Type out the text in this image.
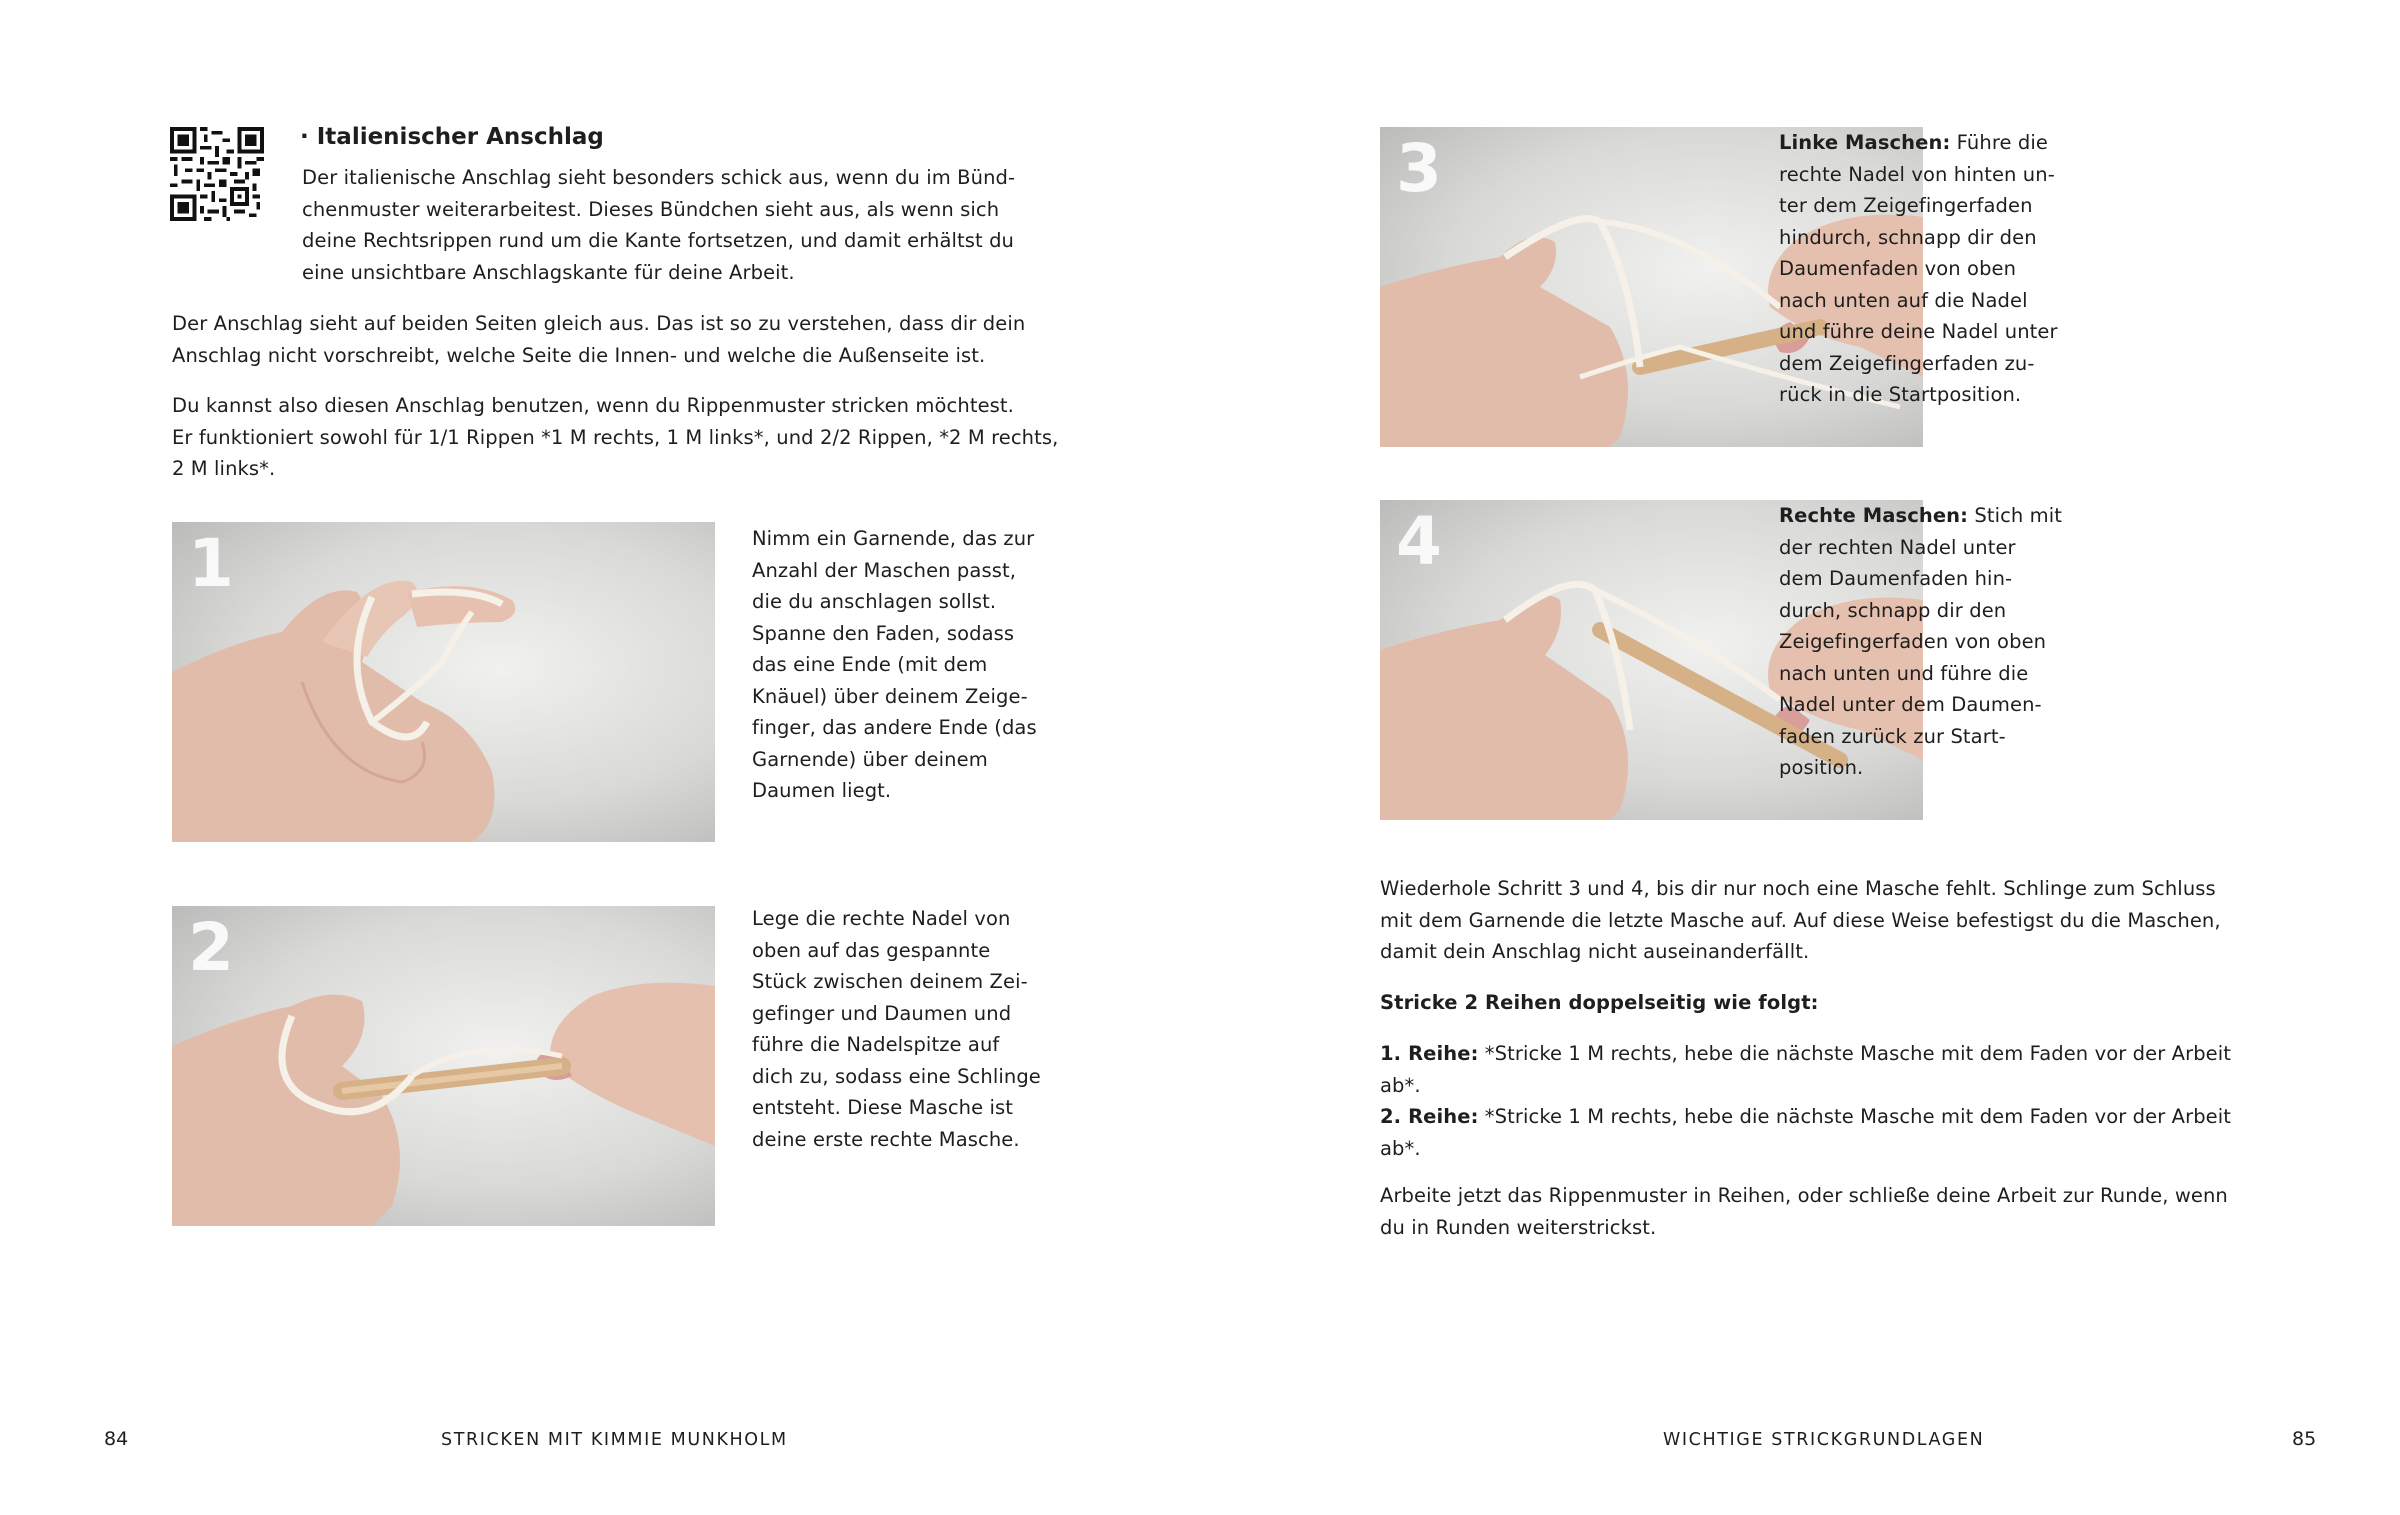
· Italienischer Anschlag
Der italienische Anschlag sieht besonders schick aus, wenn du im Bünd-
chenmuster weiterarbeitest. Dieses Bündchen sieht aus, als wenn sich
deine Rechtsrippen rund um die Kante fortsetzen, und damit erhältst du
eine unsichtbare Anschlagskante für deine Arbeit.
Der Anschlag sieht auf beiden Seiten gleich aus. Das ist so zu verstehen, dass dir dein
Anschlag nicht vorschreibt, welche Seite die Innen- und welche die Außenseite ist.
Du kannst also diesen Anschlag benutzen, wenn du Rippenmuster stricken möchtest.
Er funktioniert sowohl für 1/1 Rippen *1 M rechts, 1 M links*, und 2/2 Rippen, *2 M rechts,
2 M links*.
1	Nimm ein Garnende, das zur
Anzahl der Maschen passt,
die du anschlagen sollst.
Spanne den Faden, sodass
das eine Ende (mit dem
Knäuel) über deinem Zeige-
finger, das andere Ende (das
Garnende) über deinem
Daumen liegt.
2	Lege die rechte Nadel von
oben auf das gespannte
Stück zwischen deinem Zei-
gefinger und Daumen und
führe die Nadelspitze auf
dich zu, sodass eine Schlinge
entsteht. Diese Masche ist
deine erste rechte Masche.
84	STRICKEN MIT KIMMIE MUNKHOLM
3	Linke Maschen: Führe die
rechte Nadel von hinten un-
ter dem Zeigefingerfaden
hindurch, schnapp dir den
Daumenfaden von oben
nach unten auf die Nadel
und führe deine Nadel unter
dem Zeigefingerfaden zu-
rück in die Startposition.
4	Rechte Maschen: Stich mit
der rechten Nadel unter
dem Daumenfaden hin-
durch, schnapp dir den
Zeigefingerfaden von oben
nach unten und führe die
Nadel unter dem Daumen-
faden zurück zur Start-
position.
Wiederhole Schritt 3 und 4, bis dir nur noch eine Masche fehlt. Schlinge zum Schluss
mit dem Garnende die letzte Masche auf. Auf diese Weise befestigst du die Maschen,
damit dein Anschlag nicht auseinanderfällt.
Stricke 2 Reihen doppelseitig wie folgt:
1. Reihe: *Stricke 1 M rechts, hebe die nächste Masche mit dem Faden vor der Arbeit
ab*.
2. Reihe: *Stricke 1 M rechts, hebe die nächste Masche mit dem Faden vor der Arbeit
ab*.
Arbeite jetzt das Rippenmuster in Reihen, oder schließe deine Arbeit zur Runde, wenn
du in Runden weiterstrickst.
WICHTIGE STRICKGRUNDLAGEN	85
